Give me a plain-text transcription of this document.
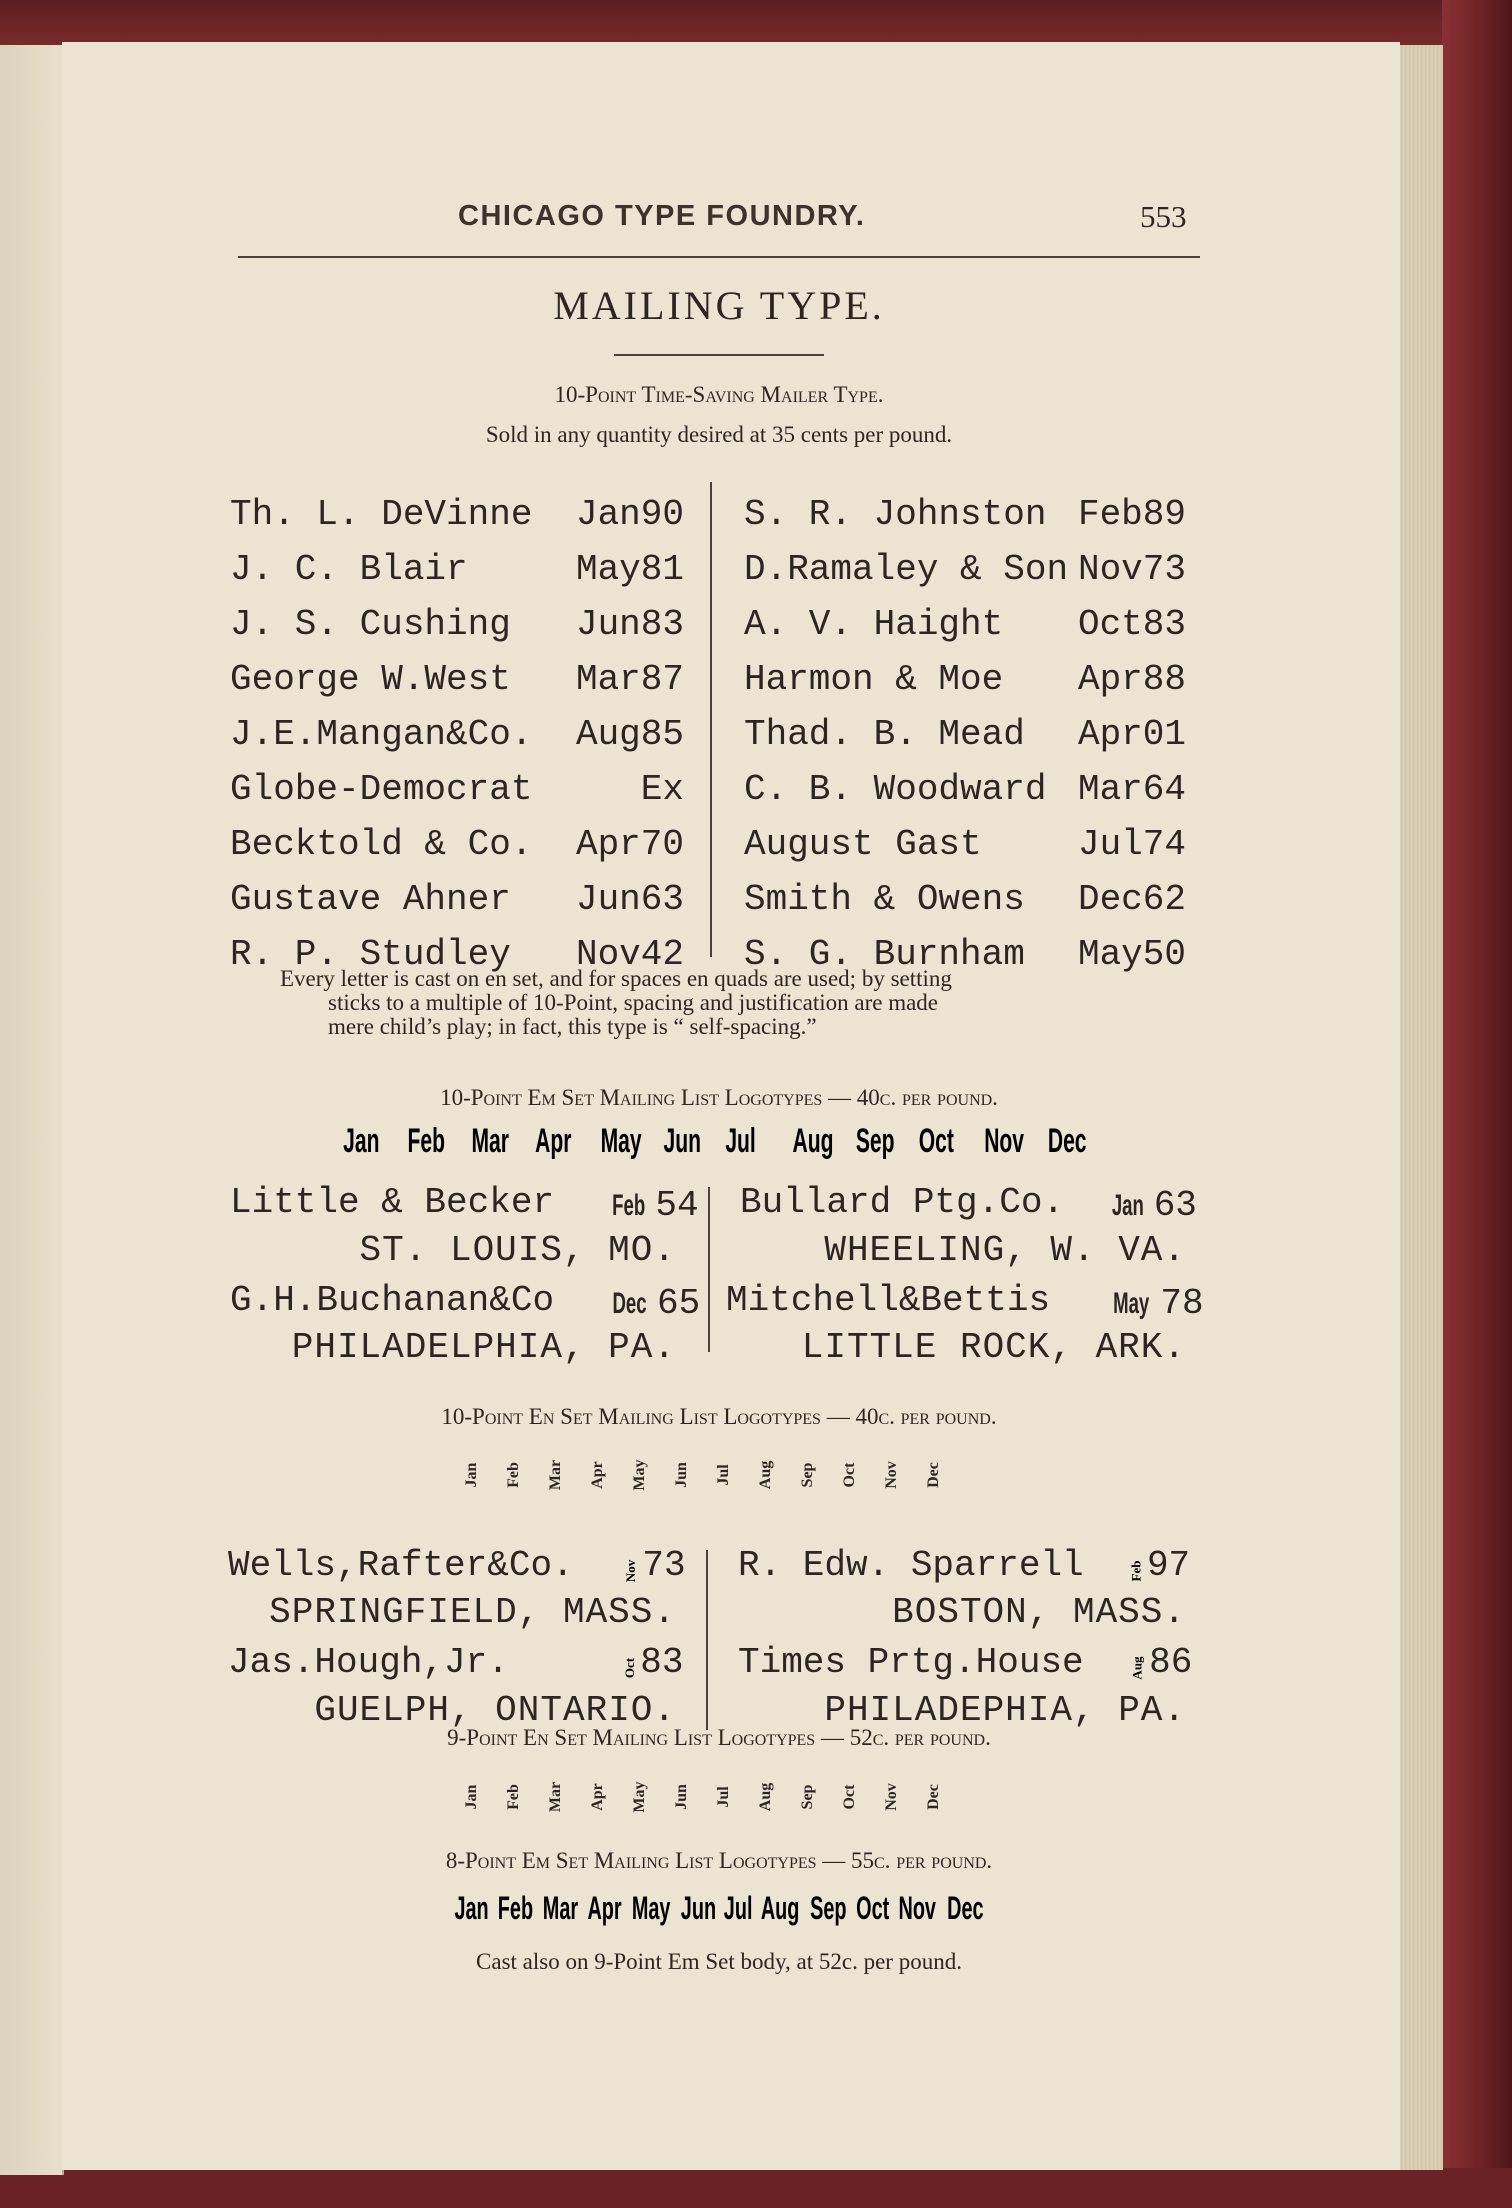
CHICAGO TYPE FOUNDRY.	553
MAILING TYPE.
10-Point Time-Saving Mailer Type.
Sold in any quantity desired at 35 cents per pound.
Every letter is cast on en set, and for spaces en quads are used; by setting
sticks to a multiple of 10-Point, spacing and justification are made
mere child’s play; in fact, this type is “ self-spacing.”
10-Point Em Set Mailing List Logotypes — 40c. per pound.
Jan Feb Mar Apr May Jun Jul Aug Sep Oct Nov Dec
10-Point En Set Mailing List Logotypes — 40c. per pound.
Jan Feb Mar Apr May Jun Jul Aug Sep Oct Nov Dec
9-Point En Set Mailing List Logotypes — 52c. per pound.
Jan Feb Mar Apr May Jun Jul Aug Sep Oct Nov Dec
8-Point Em Set Mailing List Logotypes — 55c. per pound.
Jan Feb Mar Apr May Jun Jul Aug Sep Oct Nov Dec
Cast also on 9-Point Em Set body, at 52c. per pound.
Th. L. DeVinne	Jan90
J. C. Blair	May81
J. S. Cushing	Jun83
George W.West	Mar87
J.E.Mangan&Co.	Aug85
Globe-Democrat	Ex
Becktold & Co.	Apr70
Gustave Ahner	Jun63
R. P. Studley	Nov42
S. R. Johnston Feb89
D.Ramaley & Son Nov73
A. V. Haight	Oct83
Harmon & Moe	Apr88
Thad. B. Mead	Apr01
C. B. Woodward Mar64
August Gast	Jul74
Smith & Owens	Dec62
S. G. Burnham	May50
Little & Becker	Feb 54
ST. LOUIS, MO.
Bullard Ptg.Co.	Jan 63
WHEELING, W. VA.
G.H.Buchanan&Co	Dec 65
PHILADELPHIA, PA.
Mitchell&Bettis	May 78
LITTLE ROCK, ARK.
Wells,Rafter&Co.	Nov 73
SPRINGFIELD, MASS.
R. Edw. Sparrell	Feb97
BOSTON, MASS.
Jas.Hough,Jr.	Oct83
GUELPH, ONTARIO.
Times Prtg.House	Aug 86
PHILADEPHIA, PA.
